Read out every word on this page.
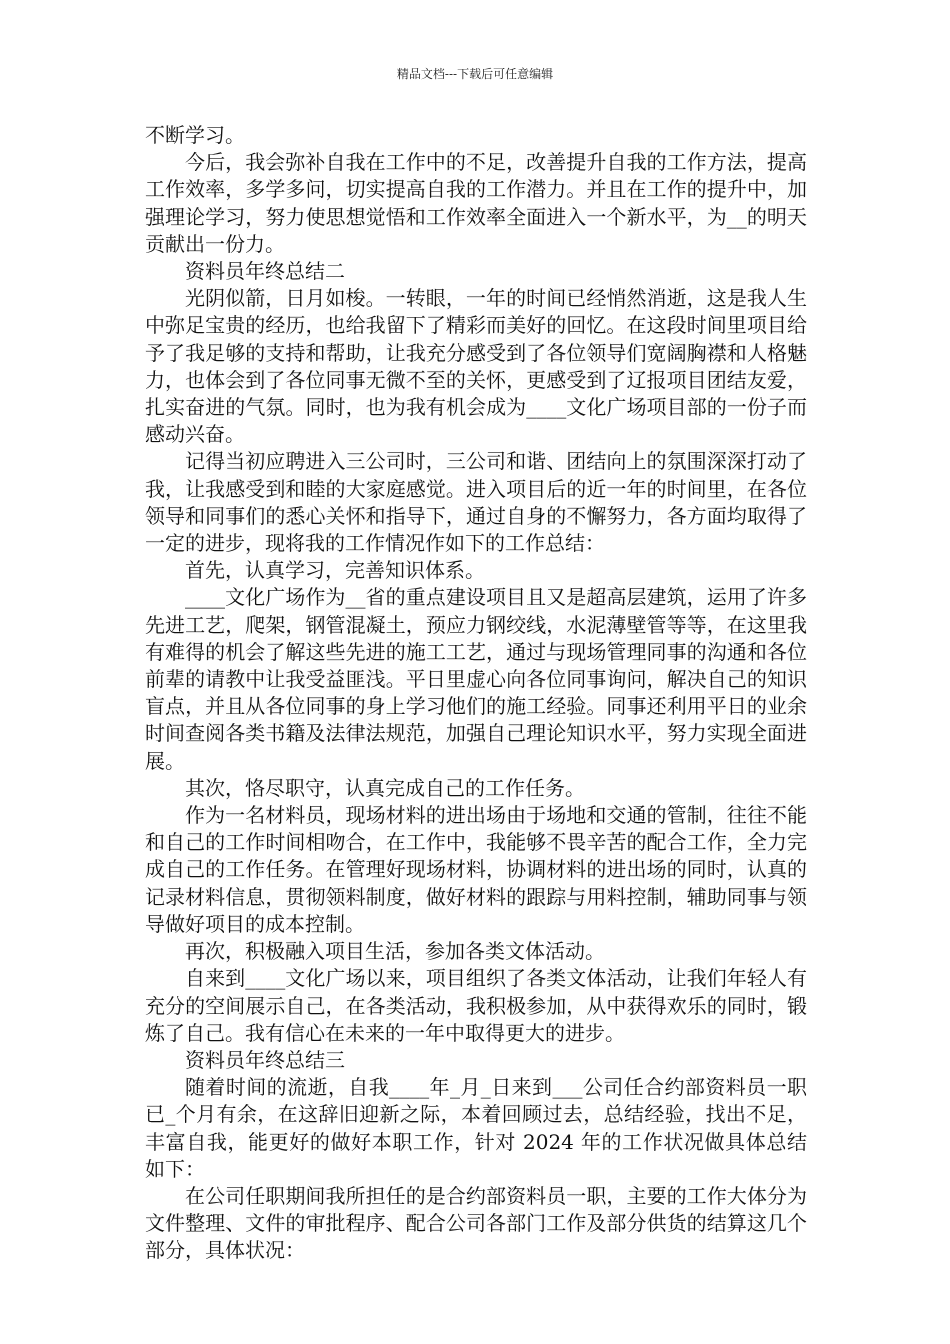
精品文档---下载后可任意编辑

不断学习。

今后，我会弥补自我在工作中的不足，改善提升自我的工作方法，提高工作效率，多学多问，切实提高自我的工作潜力。并且在工作的提升中，加强理论学习，努力使思想觉悟和工作效率全面进入一个新水平，为__的明天贡献出一份力。

资料员年终总结二

光阴似箭，日月如梭。一转眼，一年的时间已经悄然消逝，这是我人生中弥足宝贵的经历，也给我留下了精彩而美好的回忆。在这段时间里项目给予了我足够的支持和帮助，让我充分感受到了各位领导们宽阔胸襟和人格魅力，也体会到了各位同事无微不至的关怀，更感受到了辽报项目团结友爱，扎实奋进的气氛。同时，也为我有机会成为____文化广场项目部的一份子而感动兴奋。

记得当初应聘进入三公司时，三公司和谐、团结向上的氛围深深打动了我，让我感受到和睦的大家庭感觉。进入项目后的近一年的时间里，在各位领导和同事们的悉心关怀和指导下，通过自身的不懈努力，各方面均取得了一定的进步，现将我的工作情况作如下的工作总结：

首先，认真学习，完善知识体系。

____文化广场作为__省的重点建设项目且又是超高层建筑，运用了许多先进工艺，爬架，钢管混凝土，预应力钢绞线，水泥薄壁管等等，在这里我有难得的机会了解这些先进的施工工艺，通过与现场管理同事的沟通和各位前辈的请教中让我受益匪浅。平日里虚心向各位同事询问，解决自己的知识盲点，并且从各位同事的身上学习他们的施工经验。同事还利用平日的业余时间查阅各类书籍及法律法规范，加强自己理论知识水平，努力实现全面进展。

其次，恪尽职守，认真完成自己的工作任务。

作为一名材料员，现场材料的进出场由于场地和交通的管制，往往不能和自己的工作时间相吻合，在工作中，我能够不畏辛苦的配合工作，全力完成自己的工作任务。在管理好现场材料，协调材料的进出场的同时，认真的记录材料信息，贯彻领料制度，做好材料的跟踪与用料控制，辅助同事与领导做好项目的成本控制。

再次，积极融入项目生活，参加各类文体活动。

自来到____文化广场以来，项目组织了各类文体活动，让我们年轻人有充分的空间展示自己，在各类活动，我积极参加，从中获得欢乐的同时，锻炼了自己。我有信心在未来的一年中取得更大的进步。

资料员年终总结三

随着时间的流逝，自我____年_月_日来到___公司任合约部资料员一职已_个月有余，在这辞旧迎新之际，本着回顾过去，总结经验，找出不足，丰富自我，能更好的做好本职工作，针对 2024 年的工作状况做具体总结如下：

在公司任职期间我所担任的是合约部资料员一职，主要的工作大体分为文件整理、文件的审批程序、配合公司各部门工作及部分供货的结算这几个部分，具体状况：
